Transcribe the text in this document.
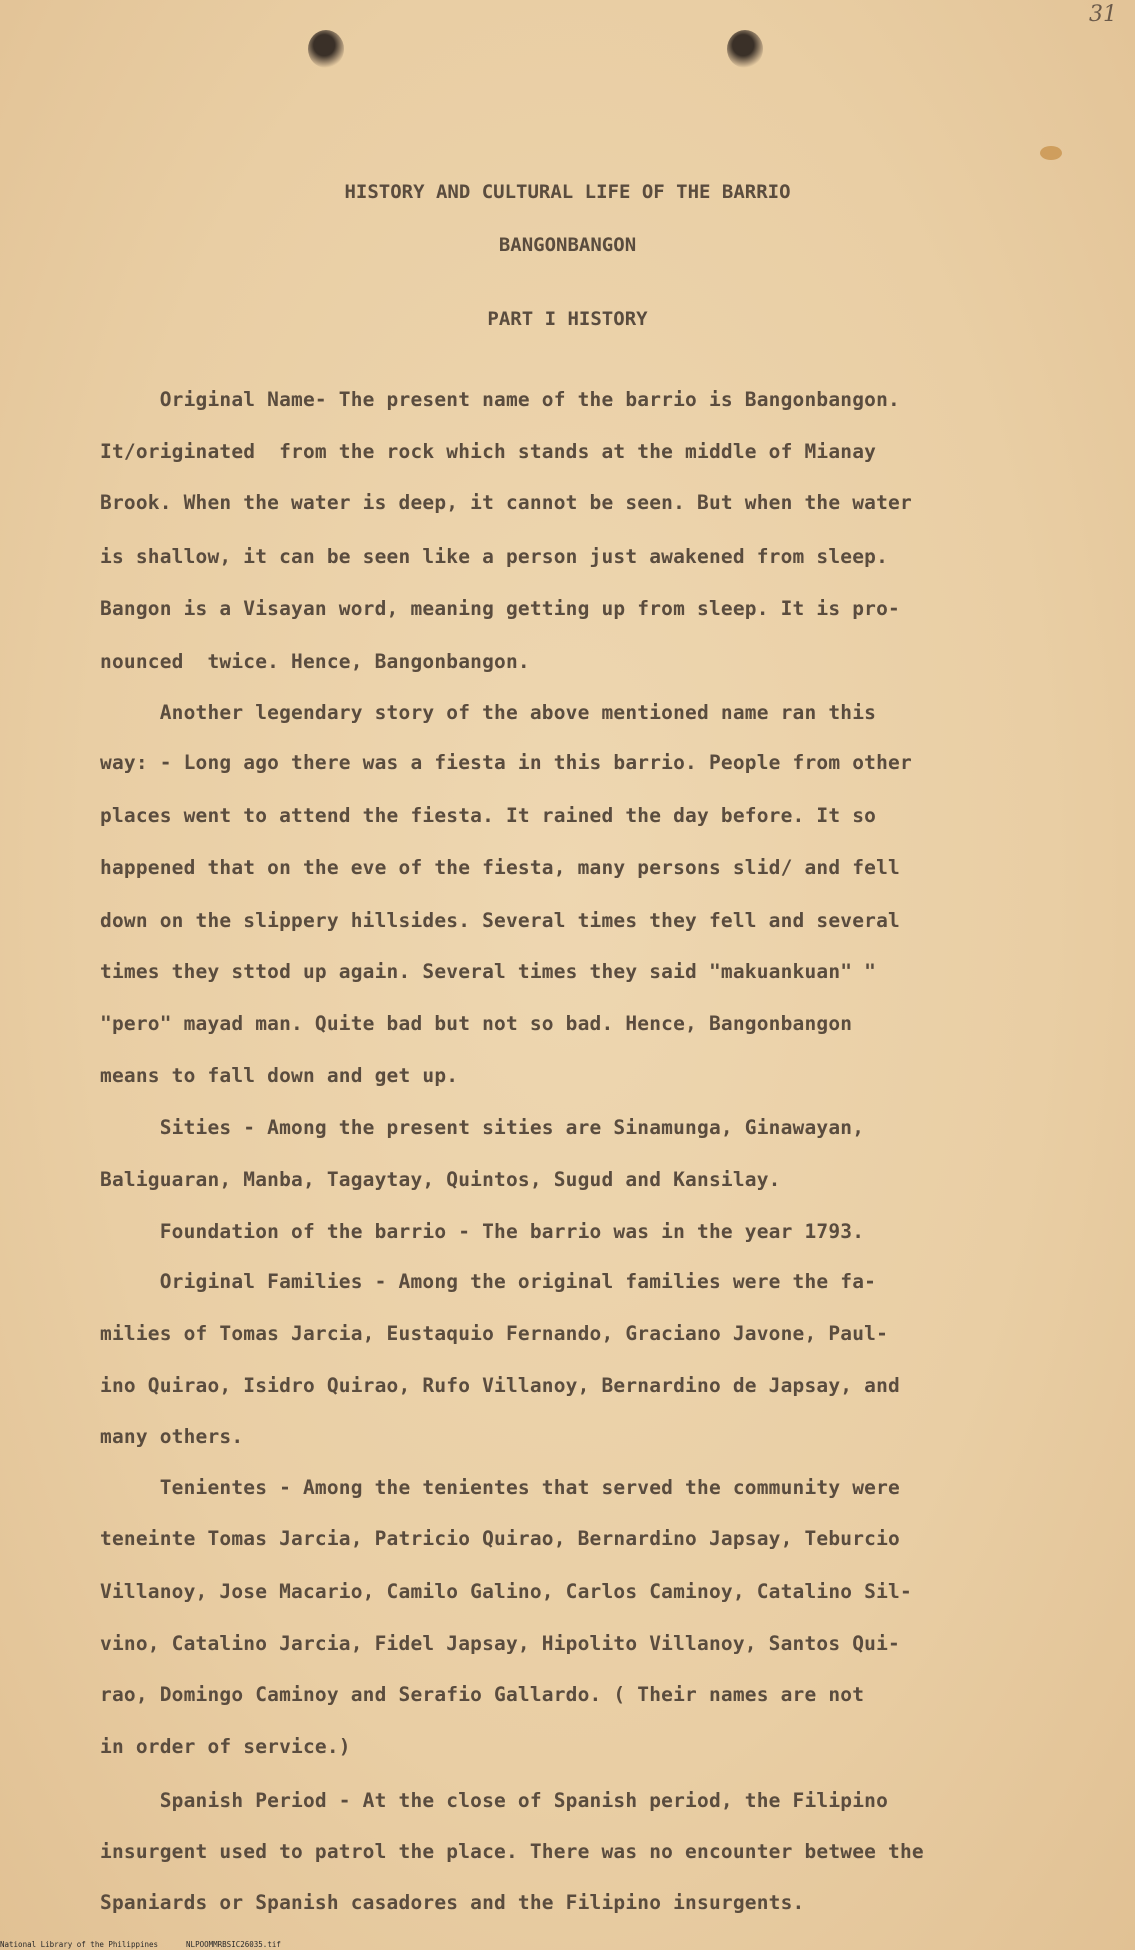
31
HISTORY AND CULTURAL LIFE OF THE BARRIO
BANGONBANGON
PART I HISTORY
Original Name- The present name of the barrio is Bangonbangon.
It/originated  from the rock which stands at the middle of Mianay
Brook. When the water is deep, it cannot be seen. But when the water
is shallow, it can be seen like a person just awakened from sleep.
Bangon is a Visayan word, meaning getting up from sleep. It is pro-
nounced  twice. Hence, Bangonbangon.
Another legendary story of the above mentioned name ran this
way: - Long ago there was a fiesta in this barrio. People from other
places went to attend the fiesta. It rained the day before. It so
happened that on the eve of the fiesta, many persons slid/ and fell
down on the slippery hillsides. Several times they fell and several
times they sttod up again. Several times they said "makuankuan" "
"pero" mayad man. Quite bad but not so bad. Hence, Bangonbangon
means to fall down and get up.
Sities - Among the present sities are Sinamunga, Ginawayan,
Baliguaran, Manba, Tagaytay, Quintos, Sugud and Kansilay.
Foundation of the barrio - The barrio was in the year 1793.
Original Families - Among the original families were the fa-
milies of Tomas Jarcia, Eustaquio Fernando, Graciano Javone, Paul-
ino Quirao, Isidro Quirao, Rufo Villanoy, Bernardino de Japsay, and
many others.
Tenientes - Among the tenientes that served the community were
teneinte Tomas Jarcia, Patricio Quirao, Bernardino Japsay, Teburcio
Villanoy, Jose Macario, Camilo Galino, Carlos Caminoy, Catalino Sil-
vino, Catalino Jarcia, Fidel Japsay, Hipolito Villanoy, Santos Qui-
rao, Domingo Caminoy and Serafio Gallardo. ( Their names are not
in order of service.)
Spanish Period - At the close of Spanish period, the Filipino
insurgent used to patrol the place. There was no encounter betwee the
Spaniards or Spanish casadores and the Filipino insurgents.
National Library of the Philippines	NLPOOMMRBSIC26035.tif
